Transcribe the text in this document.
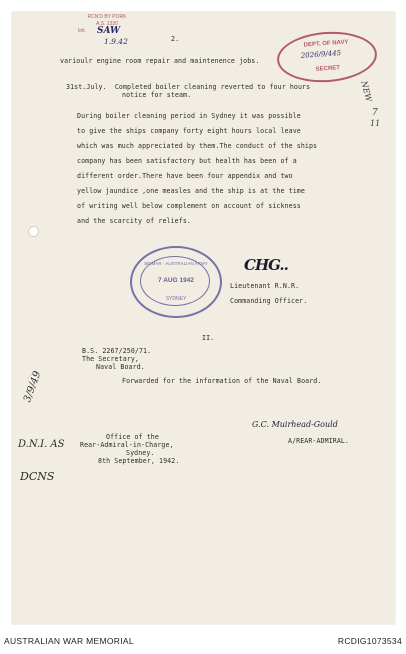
RCN'D BY PORK
A.S. 1330
Init.	SAW
1.9.42	2.
DEPT. OF NAVY
2026/9/445
SECRET
NEW
7
11
varioulr engine room repair and maintenence jobs.
31st.July.  Completed boiler cleaning reverted to four hours
notice for steam.
During boiler cleaning period in Sydney it was possible
to give the ships company forty eight hours local leave
which was much appreciated by them.The conduct of the ships
company has been satisfactory but health has been of a
different order.There have been four appendix and two
yellow jaundice ,one measles and the ship is at the time
of writing well below complement on account of sickness
and the scarcity of reliefs.
BEIMAR · AUSTRALIAN ARMY
7 AUG 1942
SYDNEY
CHG..
Lieutenant R.N.R.
Commanding Officer.
II.
B.S. 2267/250/71.
The Secretary,
Naval Board.
Forwarded for the information of the Naval Board.
G.C. Muirhead-Gould
A/REAR-ADMIRAL.
Office of the
Rear-Admiral-in-Charge,
Sydney.
8th September, 1942.
3/9/49
D.N.I. AS
DCNS
AUSTRALIAN WAR MEMORIAL	RCDIG1073534
